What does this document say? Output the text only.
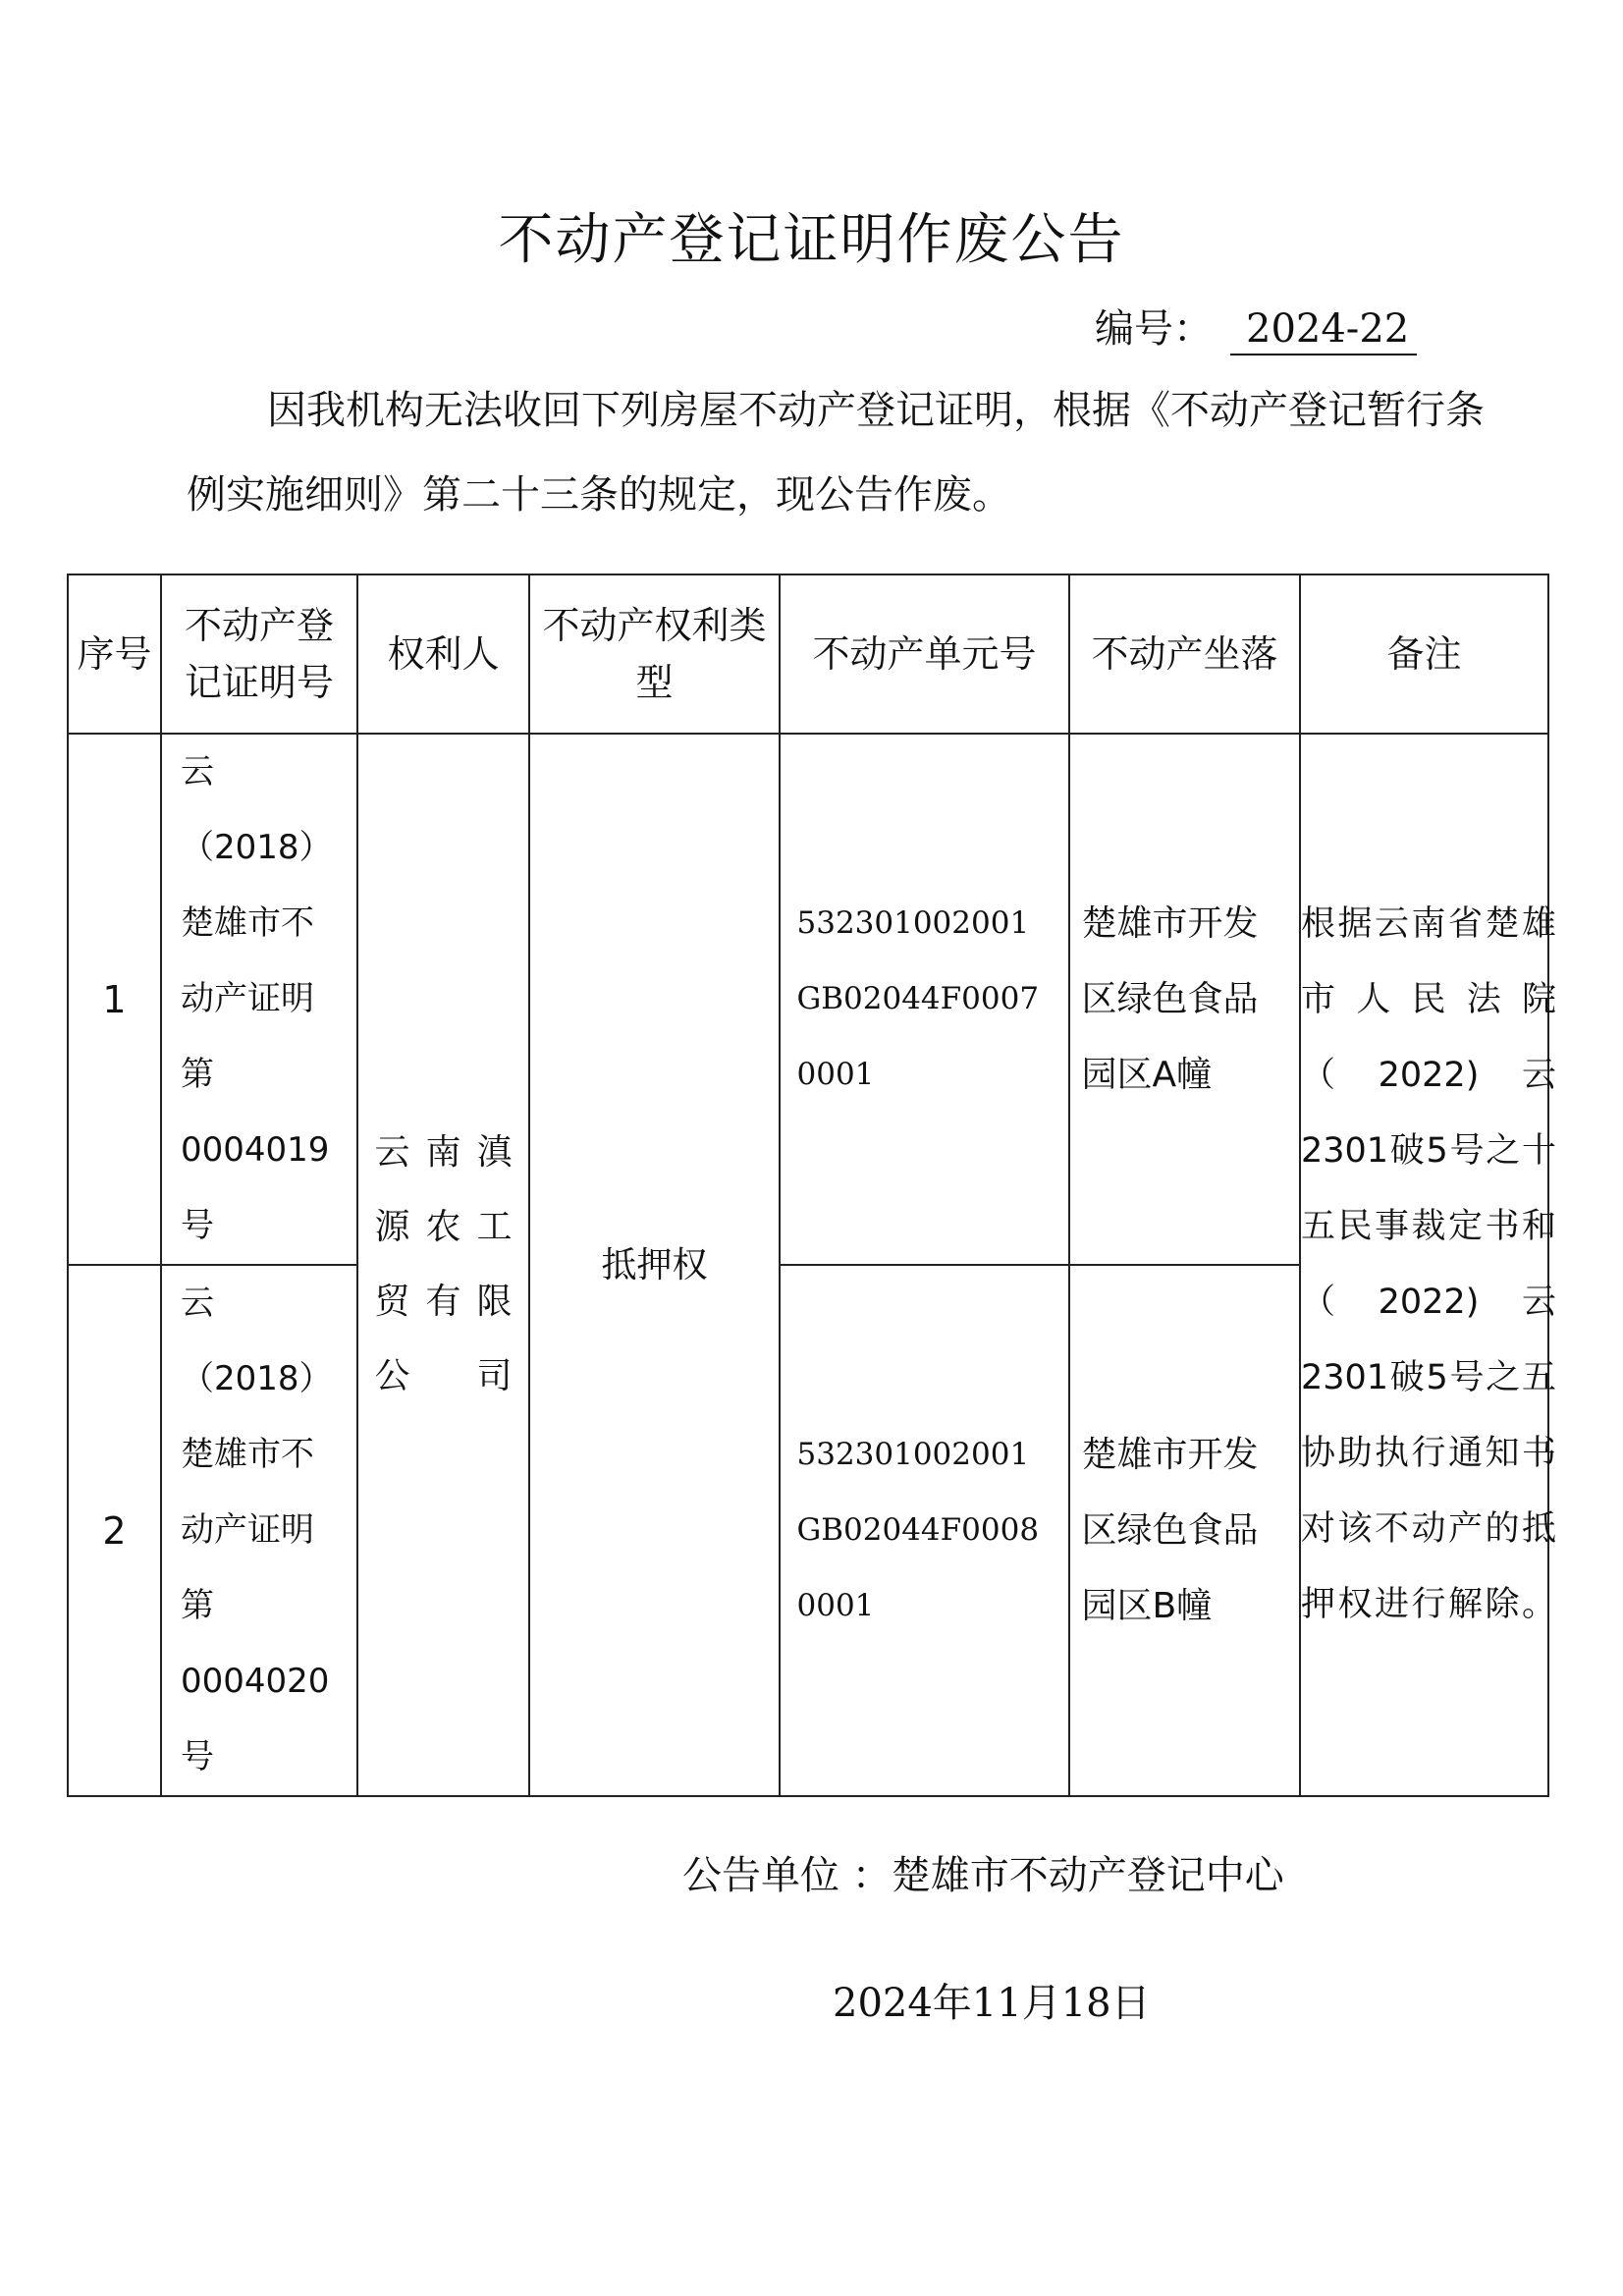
不动产登记证明作废公告
编号： 2024-22
因我机构无法收回下列房屋不动产登记证明，根据《不动产登记暂行条例实施细则》第二十三条的规定，现公告作废。
序号	不动产登记证明号	权利人	不动产权利类型	不动产单元号	不动产坐落	备注
1	云（2018）楚雄市不动产证明第0004019号	云南滇源农工贸有限公司	抵押权	532301002001GB02044F00070001	楚雄市开发区绿色食品园区A幢	根据云南省楚雄市人民法院（2022)云2301破5号之十五民事裁定书和（2022)云2301破5号之五协助执行通知书对该不动产的抵押权进行解除。
2	云（2018）楚雄市不动产证明第0004020号			532301002001GB02044F00080001	楚雄市开发区绿色食品园区B幢	
公告单位 ：楚雄市不动产登记中心
2024年11月18日
